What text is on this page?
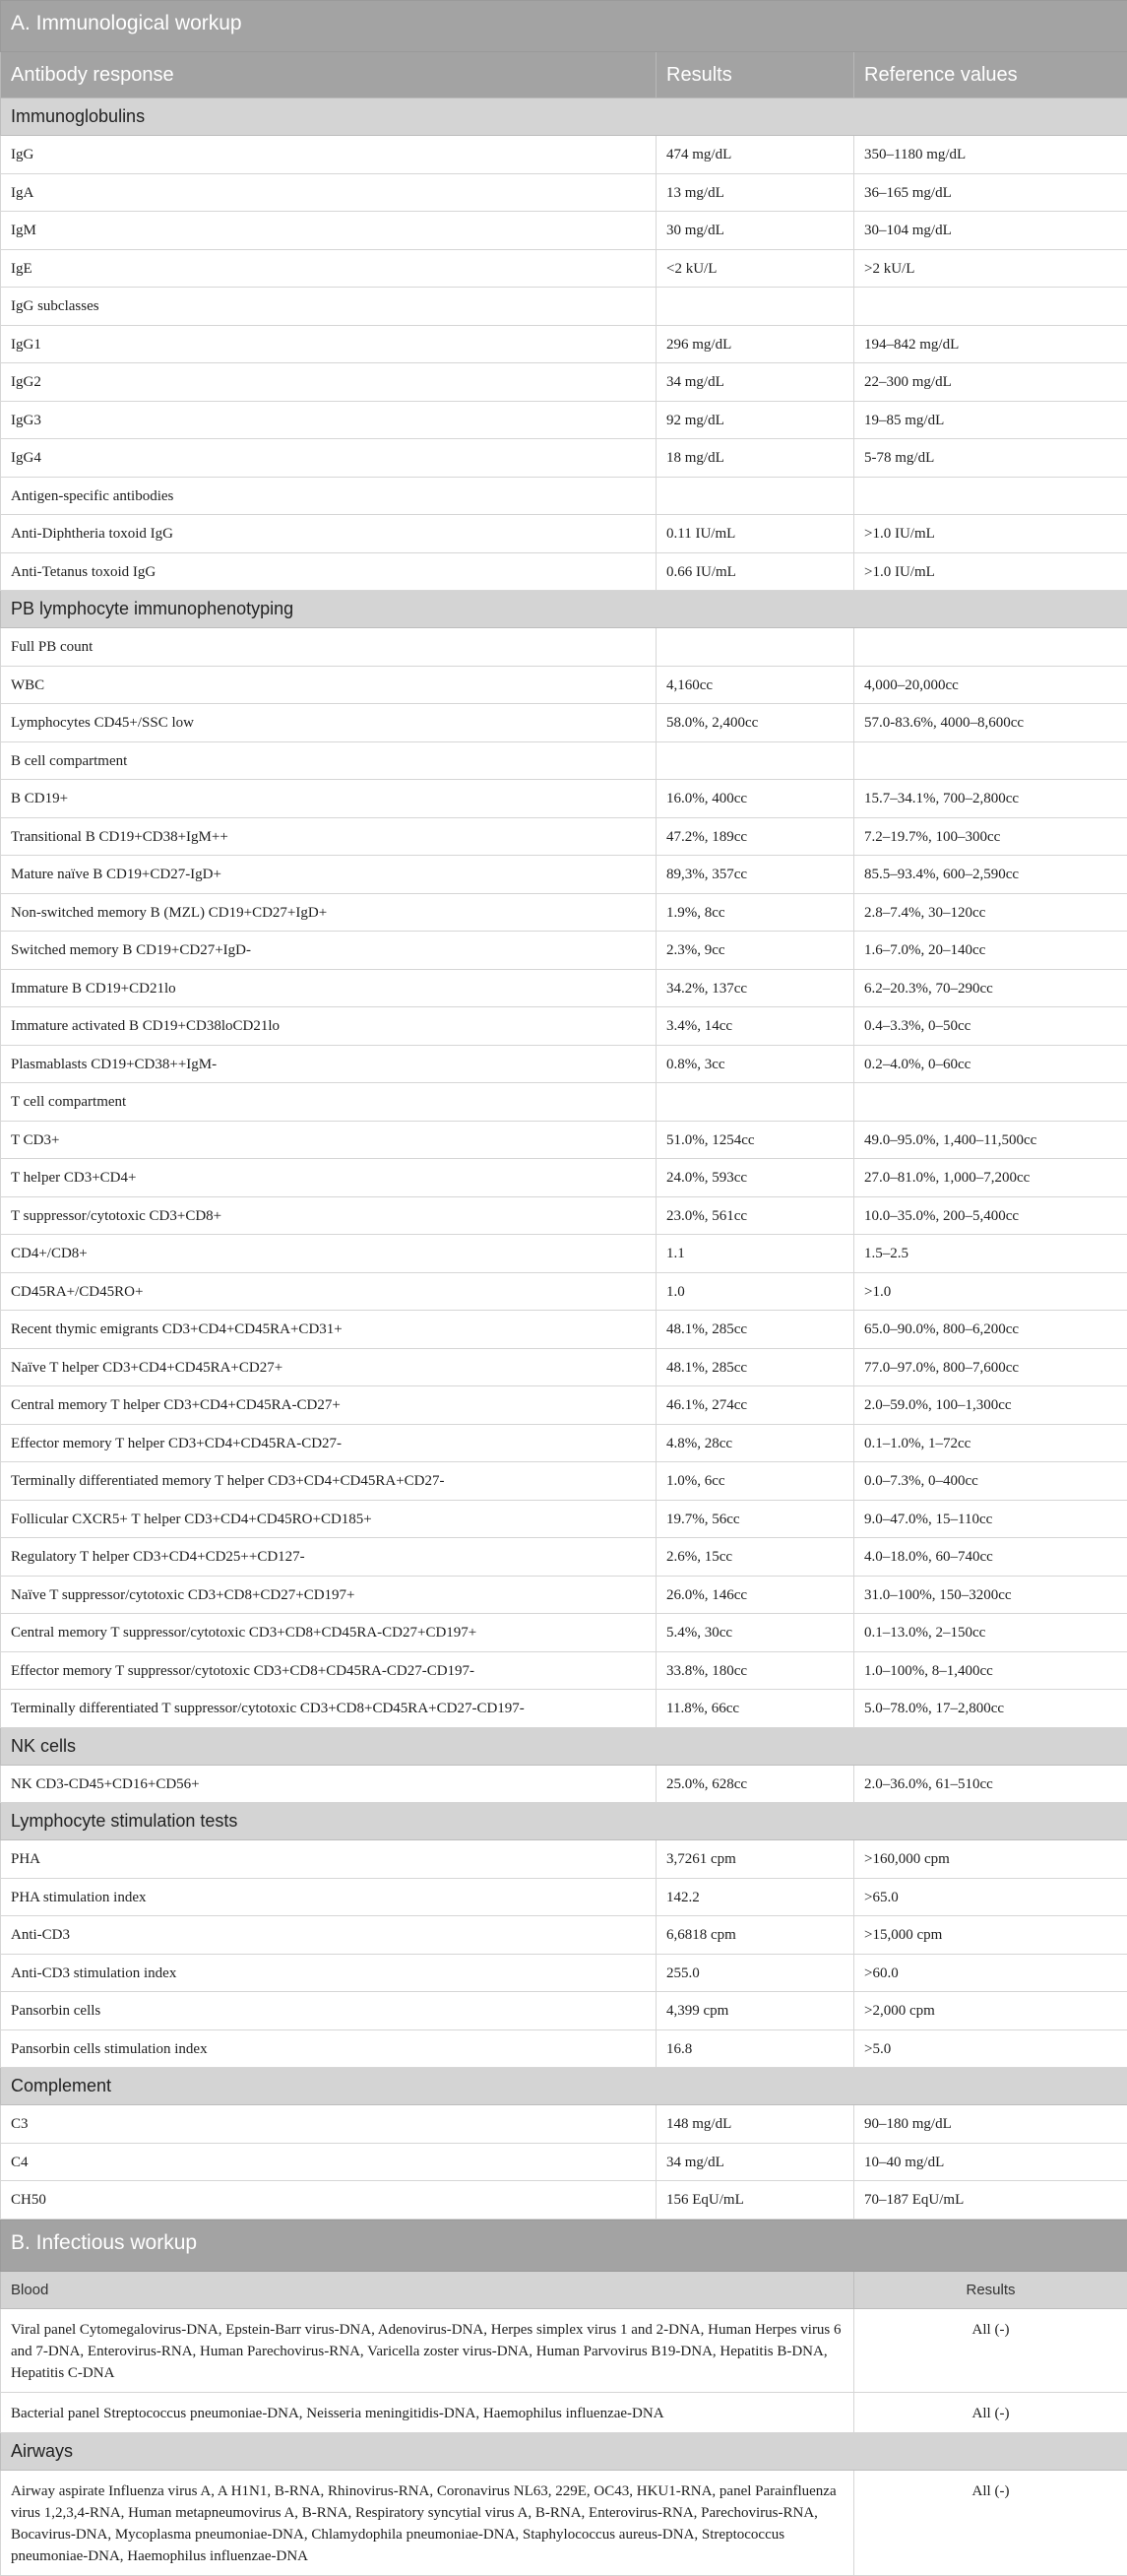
A. Immunological workup		
Antibody response	Results	Reference values
Immunoglobulins		
IgG	474 mg/dL	350–1180 mg/dL
IgA	13 mg/dL	36–165 mg/dL
IgM	30 mg/dL	30–104 mg/dL
IgE	<2 kU/L	>2 kU/L
IgG subclasses		
IgG1	296 mg/dL	194–842 mg/dL
IgG2	34 mg/dL	22–300 mg/dL
IgG3	92 mg/dL	19–85 mg/dL
IgG4	18 mg/dL	5-78 mg/dL
Antigen-specific antibodies		
Anti-Diphtheria toxoid IgG	0.11 IU/mL	>1.0 IU/mL
Anti-Tetanus toxoid IgG	0.66 IU/mL	>1.0 IU/mL
PB lymphocyte immunophenotyping		
Full PB count		
WBC	4,160cc	4,000–20,000cc
Lymphocytes CD45+/SSC low	58.0%, 2,400cc	57.0-83.6%, 4000–8,600cc
B cell compartment		
B CD19+	16.0%, 400cc	15.7–34.1%, 700–2,800cc
Transitional B CD19+CD38+IgM++	47.2%, 189cc	7.2–19.7%, 100–300cc
Mature naïve B CD19+CD27-IgD+	89,3%, 357cc	85.5–93.4%, 600–2,590cc
Non-switched memory B (MZL) CD19+CD27+IgD+	1.9%, 8cc	2.8–7.4%, 30–120cc
Switched memory B CD19+CD27+IgD-	2.3%, 9cc	1.6–7.0%, 20–140cc
Immature B CD19+CD21lo	34.2%, 137cc	6.2–20.3%, 70–290cc
Immature activated B CD19+CD38loCD21lo	3.4%, 14cc	0.4–3.3%, 0–50cc
Plasmablasts CD19+CD38++IgM-	0.8%, 3cc	0.2–4.0%, 0–60cc
T cell compartment		
T CD3+	51.0%, 1254cc	49.0–95.0%, 1,400–11,500cc
T helper CD3+CD4+	24.0%, 593cc	27.0–81.0%, 1,000–7,200cc
T suppressor/cytotoxic CD3+CD8+	23.0%, 561cc	10.0–35.0%, 200–5,400cc
CD4+/CD8+	1.1	1.5–2.5
CD45RA+/CD45RO+	1.0	>1.0
Recent thymic emigrants CD3+CD4+CD45RA+CD31+	48.1%, 285cc	65.0–90.0%, 800–6,200cc
Naïve T helper CD3+CD4+CD45RA+CD27+	48.1%, 285cc	77.0–97.0%, 800–7,600cc
Central memory T helper CD3+CD4+CD45RA-CD27+	46.1%, 274cc	2.0–59.0%, 100–1,300cc
Effector memory T helper CD3+CD4+CD45RA-CD27-	4.8%, 28cc	0.1–1.0%, 1–72cc
Terminally differentiated memory T helper CD3+CD4+CD45RA+CD27-	1.0%, 6cc	0.0–7.3%, 0–400cc
Follicular CXCR5+ T helper CD3+CD4+CD45RO+CD185+	19.7%, 56cc	9.0–47.0%, 15–110cc
Regulatory T helper CD3+CD4+CD25++CD127-	2.6%, 15cc	4.0–18.0%, 60–740cc
Naïve T suppressor/cytotoxic CD3+CD8+CD27+CD197+	26.0%, 146cc	31.0–100%, 150–3200cc
Central memory T suppressor/cytotoxic CD3+CD8+CD45RA-CD27+CD197+	5.4%, 30cc	0.1–13.0%, 2–150cc
Effector memory T suppressor/cytotoxic CD3+CD8+CD45RA-CD27-CD197-	33.8%, 180cc	1.0–100%, 8–1,400cc
Terminally differentiated T suppressor/cytotoxic CD3+CD8+CD45RA+CD27-CD197-	11.8%, 66cc	5.0–78.0%, 17–2,800cc
NK cells		
NK CD3-CD45+CD16+CD56+	25.0%, 628cc	2.0–36.0%, 61–510cc
Lymphocyte stimulation tests		
PHA	3,7261 cpm	>160,000 cpm
PHA stimulation index	142.2	>65.0
Anti-CD3	6,6818 cpm	>15,000 cpm
Anti-CD3 stimulation index	255.0	>60.0
Pansorbin cells	4,399 cpm	>2,000 cpm
Pansorbin cells stimulation index	16.8	>5.0
Complement		
C3	148 mg/dL	90–180 mg/dL
C4	34 mg/dL	10–40 mg/dL
CH50	156 EqU/mL	70–187 EqU/mL
B. Infectious workup	
Blood	Results
Viral panel Cytomegalovirus-DNA, Epstein-Barr virus-DNA, Adenovirus-DNA, Herpes simplex virus 1 and 2-DNA, Human Herpes virus 6 and 7-DNA, Enterovirus-RNA, Human Parechovirus-RNA, Varicella zoster virus-DNA, Human Parvovirus B19-DNA, Hepatitis B-DNA, Hepatitis C-DNA	All (-)
Bacterial panel Streptococcus pneumoniae-DNA, Neisseria meningitidis-DNA, Haemophilus influenzae-DNA	All (-)
Airways	
Airway aspirate Influenza virus A, A H1N1, B-RNA, Rhinovirus-RNA, Coronavirus NL63, 229E, OC43, HKU1-RNA, panel Parainfluenza virus 1,2,3,4-RNA, Human metapneumovirus A, B-RNA, Respiratory syncytial virus A, B-RNA, Enterovirus-RNA, Parechovirus-RNA, Bocavirus-DNA, Mycoplasma pneumoniae-DNA, Chlamydophila pneumoniae-DNA, Staphylococcus aureus-DNA, Streptococcus pneumoniae-DNA, Haemophilus influenzae-DNA	All (-)
